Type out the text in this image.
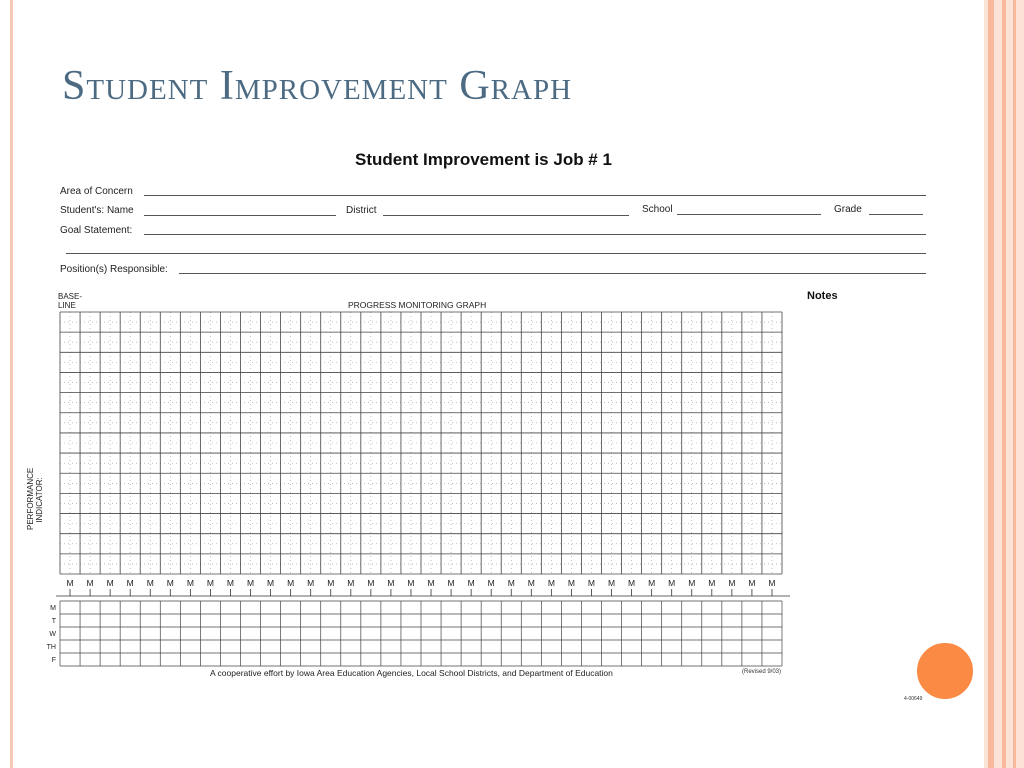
Student Improvement Graph
Student Improvement is Job # 1
Area of Concern
Student's: Name	District	School	Grade
Goal Statement:
Position(s) Responsible:
BASE-
LINE	PROGRESS MONITORING GRAPH
Notes
PERFORMANCE
INDICATOR:
M M M M M M M M M M M M M M M M M M M M M M M M M M M M M M M M M M M M
M
T
W
TH
F
A cooperative effort by Iowa Area Education Agencies, Local School Districts, and Department of Education	(Revised 9/03)
4-00649
